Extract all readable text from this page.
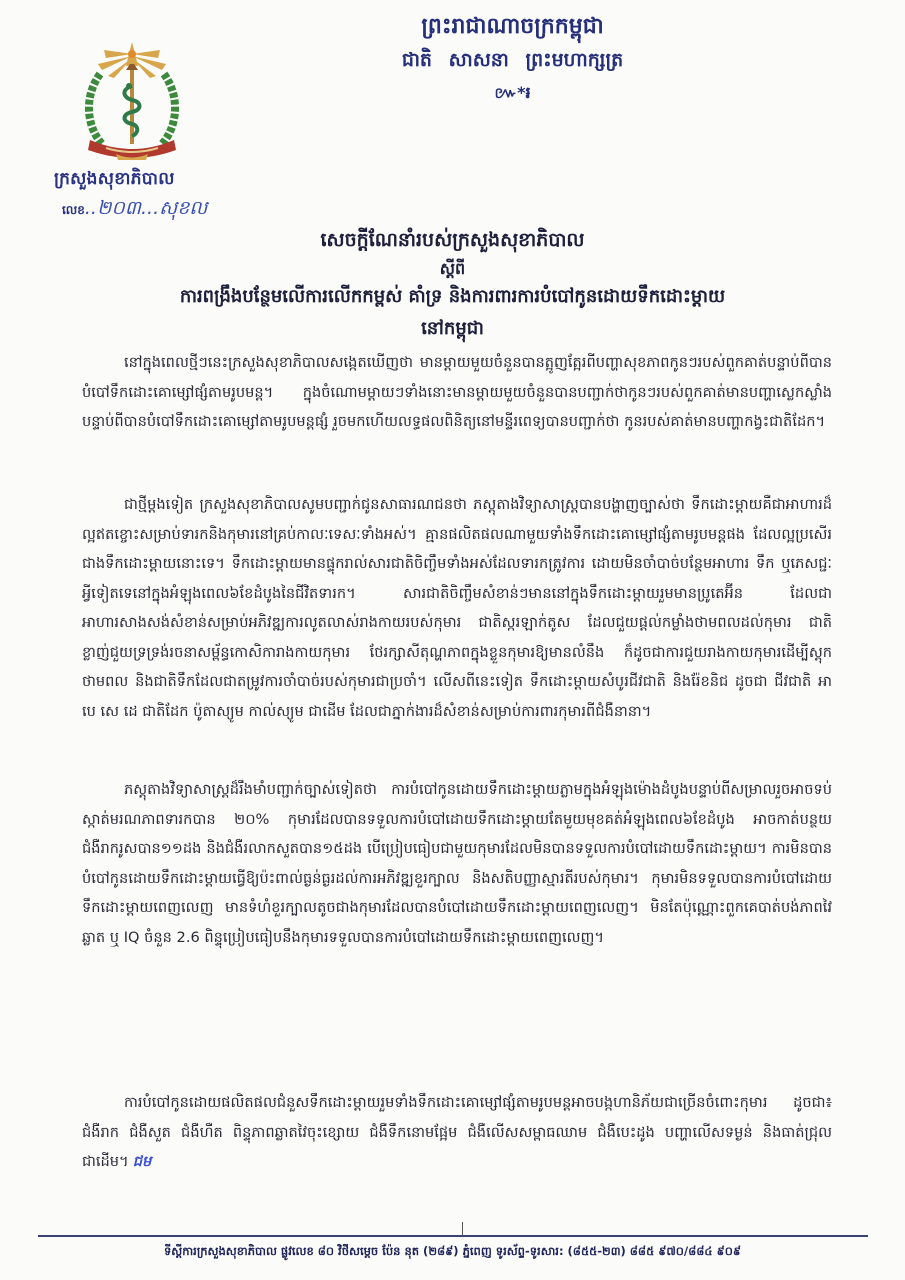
ក្រសួងសុខាភិបាល
លេខ..២០៣...សុខល
ព្រះរាជាណាចក្រកម្ពុជា
ជាតិ សាសនា ព្រះមហាក្សត្រ
៚*៛
សេចក្តីណែនាំរបស់ក្រសួងសុខាភិបាល
ស្តីពី
ការពង្រឹងបន្ថែមលើការលើកកម្ពស់ គាំទ្រ និងការពារការបំបៅកូនដោយទឹកដោះម្តាយ
នៅកម្ពុជា

នៅក្នុងពេលថ្មីៗនេះក្រសួងសុខាភិបាលសង្កេតឃើញថា មានម្តាយមួយចំនួនបានត្អូញត្អែរពីបញ្ហាសុខភាពកូនៗរបស់ពួកគាត់បន្ទាប់ពីបានបំបៅទឹកដោះគោម្សៅផ្សំតាមរូបមន្ត។ ក្នុងចំណោមម្តាយៗទាំងនោះមានម្តាយមួយចំនួនបានបញ្ជាក់ថាកូនៗរបស់ពួកគាត់មានបញ្ហាស្លេកស្លាំង បន្ទាប់ពីបានបំបៅទឹកដោះគោម្សៅតាមរូបមន្តផ្សំ រួចមកហើយលទ្ធផលពិនិត្យនៅមន្ទីរពេទ្យបានបញ្ជាក់ថា កូនរបស់គាត់មានបញ្ហាកង្វះជាតិដែក។

ជាថ្មីម្តងទៀត ក្រសួងសុខាភិបាលសូមបញ្ជាក់ជូនសាធារណជនថា ភស្តុតាងវិទ្យាសាស្ត្របានបង្ហាញច្បាស់ថា ទឹកដោះម្តាយគឺជាអាហារដ៏ល្អឥតខ្ចោះសម្រាប់ទារកនិងកុមារនៅគ្រប់កាលៈទេសៈទាំងអស់។ គ្មានផលិតផលណាមួយទាំងទឹកដោះគោម្សៅផ្សំតាមរូបមន្តផង ដែលល្អប្រសើរជាងទឹកដោះម្តាយនោះទេ។ ទឹកដោះម្តាយមានផ្ទុករាល់សារជាតិចិញ្ចឹមទាំងអស់ដែលទារកត្រូវការ ដោយមិនចាំបាច់បន្ថែមអាហារ ទឹក ឬភេសជ្ជៈ អ្វីទៀតទេនៅក្នុងអំឡុងពេល៦ខែដំបូងនៃជីវិតទារក។ សារជាតិចិញ្ចឹមសំខាន់ៗមាននៅក្នុងទឹកដោះម្តាយរួមមានប្រូតេអ៊ីន ដែលជាអាហារសាងសង់សំខាន់សម្រាប់អភិវឌ្ឍការលូតលាស់រាងកាយរបស់កុមារ ជាតិស្ករឡាក់តូស ដែលជួយផ្តល់កម្លាំងថាមពលដល់កុមារ ជាតិខ្លាញ់ជួយទ្រទ្រង់រចនាសម្ព័ន្ធកោសិការាងកាយកុមារ ថែរក្សាសីតុណ្ហភាពក្នុងខ្លួនកុមារឱ្យមានលំនឹង ក៏ដូចជាការជួយរាងកាយកុមារដើម្បីស្តុកថាមពល និងជាតិទឹកដែលជាតម្រូវការចាំបាច់របស់កុមារជាប្រចាំ។ លើសពីនេះទៀត ទឹកដោះម្តាយសំបូរជីវជាតិ និងរ៉ែខនិជ ដូចជា ជីវជាតិ អា បេ សេ ដេ ជាតិដែក ប៉ូតាស្យូម កាល់ស្យូម ជាដើម ដែលជាភ្នាក់ងារដ៏សំខាន់សម្រាប់ការពារកុមារពីជំងឺនានា។

ភស្តុតាងវិទ្យាសាស្ត្រដ៏រឹងមាំបញ្ជាក់ច្បាស់ទៀតថា ការបំបៅកូនដោយទឹកដោះម្តាយភ្លាមក្នុងអំឡុងម៉ោងដំបូងបន្ទាប់ពីសម្រាលរួចអាចទប់ស្កាត់មរណភាពទារកបាន ២០% កុមារដែលបានទទួលការបំបៅដោយទឹកដោះម្តាយតែមួយមុខគត់អំឡុងពេល៦ខែដំបូង អាចកាត់បន្ថយជំងឺរាករូសបាន១១ដង និងជំងឺរលាកសួតបាន១៥ដង បើប្រៀបធៀបជាមួយកុមារដែលមិនបានទទួលការបំបៅដោយទឹកដោះម្តាយ។ ការមិនបានបំបៅកូនដោយទឹកដោះម្តាយធ្វើឱ្យប៉ះពាល់ធ្ងន់ធ្ងរដល់ការអភិវឌ្ឍខួរក្បាល និងសតិបញ្ញាស្មារតីរបស់កុមារ។ កុមារមិនទទួលបានការបំបៅដោយទឹកដោះម្តាយពេញលេញ មានទំហំខួរក្បាលតូចជាងកុមារដែលបានបំបៅដោយទឹកដោះម្តាយពេញលេញ។ មិនតែប៉ុណ្ណោះពួកគេបាត់បង់ភាពវៃឆ្លាត ឬ IQ ចំនួន 2.6 ពិន្ទុប្រៀបធៀបនឹងកុមារទទួលបានការបំបៅដោយទឹកដោះម្តាយពេញលេញ។

ការបំបៅកូនដោយផលិតផលជំនួសទឹកដោះម្តាយរួមទាំងទឹកដោះគោម្សៅផ្សំតាមរូបមន្តអាចបង្កហានិភ័យជាច្រើនចំពោះកុមារ ដូចជា៖ ជំងឺរាក ជំងឺសួត ជំងឺហឺត ពិន្ទុភាពឆ្លាតវៃចុះខ្សោយ ជំងឺទឹកនោមផ្អែម ជំងឺលើសសម្ពាធឈាម ជំងឺបេះដូង បញ្ហាលើសទម្ងន់ និងធាត់ជ្រុលជាដើម។ ជម

ទីស្តីការក្រសួងសុខាភិបាល ផ្លូវលេខ ៨០ វិថីសម្តេច ប៉ែន នុត (២៨៩) ភ្នំពេញ ទូរស័ព្ទ-ទូរសារ: (៨៥៥-២៣) ៨៨៥ ៩៧០/៨៨៤ ៩០៩
